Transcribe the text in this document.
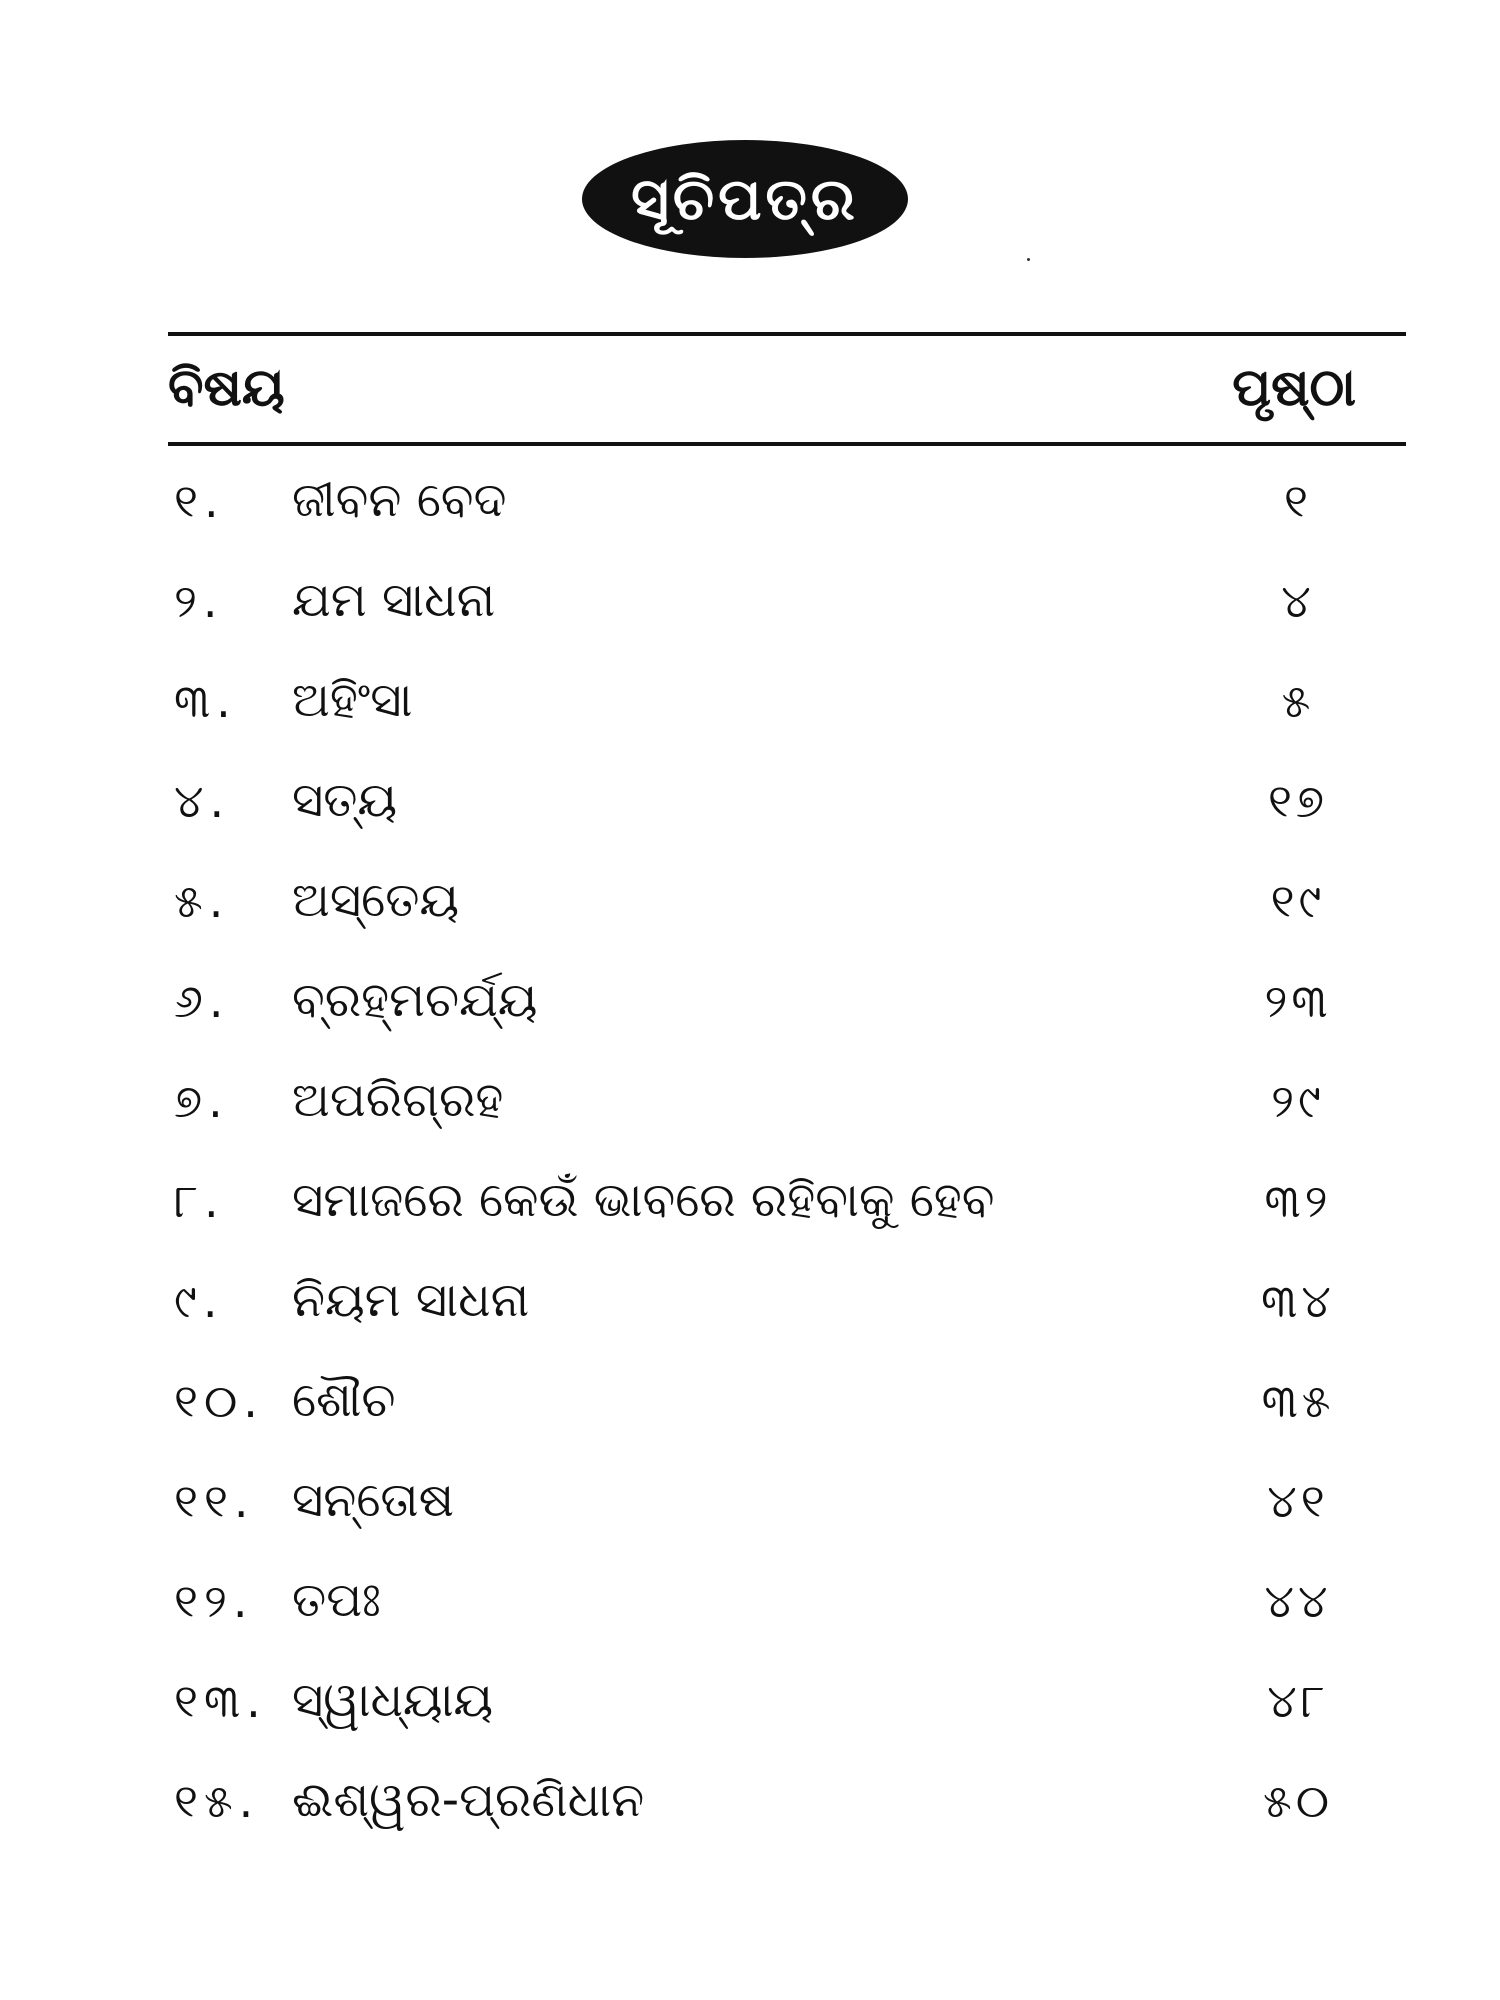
ସୂଚିପତ୍ର
ବିଷୟ	ପୃଷ୍ଠା
୧. ଜୀବନ ବେଦ	୧
୨. ଯମ ସାଧନା	୪
୩. ଅହିଂସା	୫
୪. ସତ୍ୟ	୧୭
୫. ଅସ୍ତେୟ	୧୯
୬. ବ୍ରହ୍ମଚର୍ଯ୍ୟ	୨୩
୭. ଅପରିଗ୍ରହ	୨୯
୮. ସମାଜରେ କେଉଁ ଭାବରେ ରହିବାକୁ ହେବ	୩୨
୯. ନିୟମ ସାଧନା	୩୪
୧୦. ଶୌଚ	୩୫
୧୧. ସନ୍ତୋଷ	୪୧
୧୨. ତପଃ	୪୪
୧୩. ସ୍ୱାଧ୍ୟାୟ	୪୮
୧୫. ଈଶ୍ୱର-ପ୍ରଣିଧାନ	୫୦
